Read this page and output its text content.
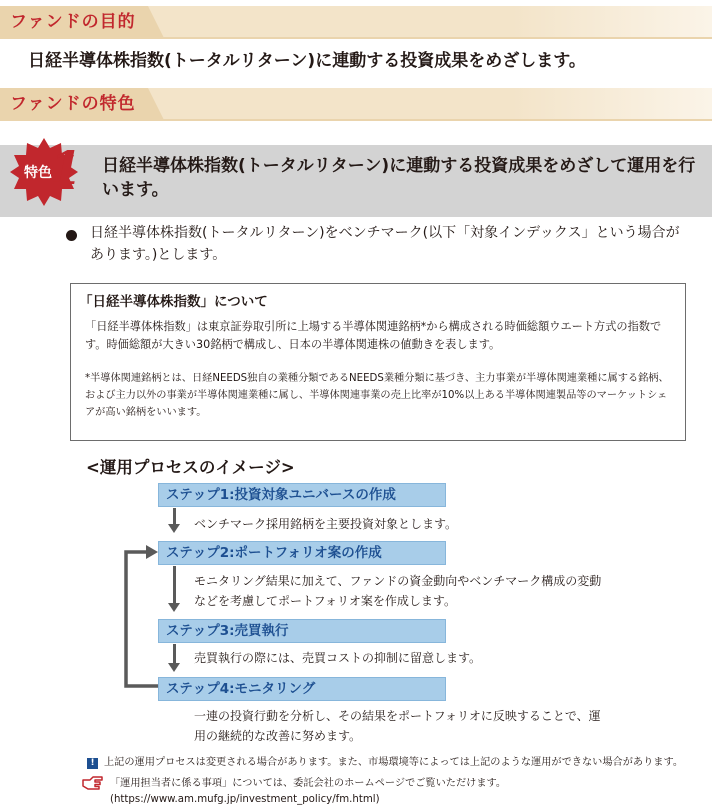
ファンドの目的
日経半導体株指数(トータルリターン)に連動する投資成果をめざします。
ファンドの特色
特色
1 日経半導体株指数(トータルリターン)に連動する投資成果をめざして運用を行います。
日経半導体株指数(トータルリターン)をベンチマーク(以下「対象インデックス」という場合があります。)とします。
「日経半導体株指数」について
「日経半導体株指数」は東京証券取引所に上場する半導体関連銘柄*から構成される時価総額ウエート方式の指数です。時価総額が大きい30銘柄で構成し、日本の半導体関連株の値動きを表します。
*半導体関連銘柄とは、日経NEEDS独自の業種分類であるNEEDS業種分類に基づき、主力事業が半導体関連業種に属する銘柄、および主力以外の事業が半導体関連業種に属し、半導体関連事業の売上比率が10%以上ある半導体関連製品等のマーケットシェアが高い銘柄をいいます。
<運用プロセスのイメージ>
ステップ1:投資対象ユニバースの作成
ベンチマーク採用銘柄を主要投資対象とします。
ステップ2:ポートフォリオ案の作成
モニタリング結果に加えて、ファンドの資金動向やベンチマーク構成の変動などを考慮してポートフォリオ案を作成します。
ステップ3:売買執行
売買執行の際には、売買コストの抑制に留意します。
ステップ4:モニタリング
一連の投資行動を分析し、その結果をポートフォリオに反映することで、運用の継続的な改善に努めます。
! 上記の運用プロセスは変更される場合があります。また、市場環境等によっては上記のような運用ができない場合があります。
「運用担当者に係る事項」については、委託会社のホームページでご覧いただけます。
(https://www.am.mufg.jp/investment_policy/fm.html)
